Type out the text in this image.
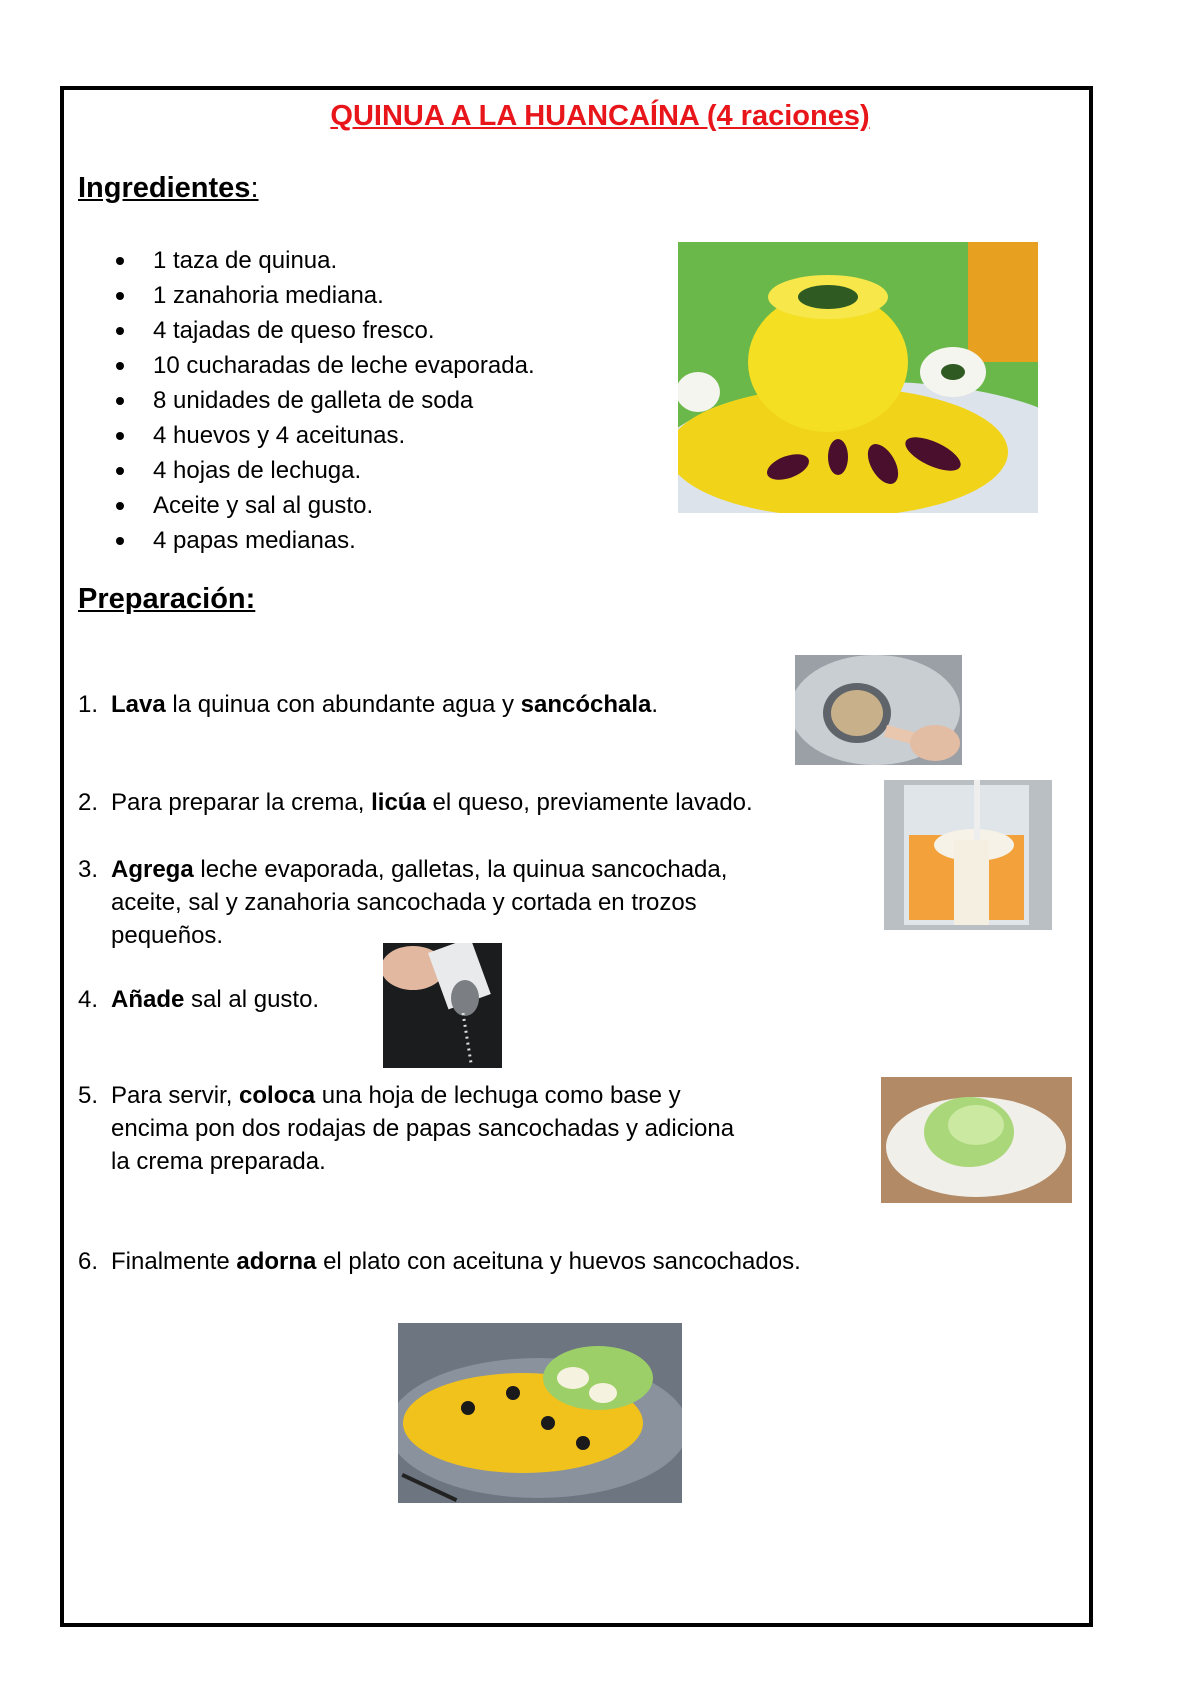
QUINUA A LA HUANCAÍNA (4 raciones)
Ingredientes:
1 taza de quinua.
1 zanahoria mediana.
4 tajadas de queso fresco.
10 cucharadas de leche evaporada.
8 unidades de galleta de soda
4 huevos y 4 aceitunas.
4 hojas de lechuga.
Aceite y sal al gusto.
4 papas medianas.
Preparación:
1. Lava la quinua con abundante agua y sancóchala.
2. Para preparar la crema, licúa el queso, previamente lavado.
3. Agrega leche evaporada, galletas, la quinua sancochada,
aceite, sal y zanahoria sancochada y cortada en trozos
pequeños.
4. Añade sal al gusto.
5. Para servir, coloca una hoja de lechuga como base y
encima pon dos rodajas de papas sancochadas y adiciona
la crema preparada.
6. Finalmente adorna el plato con aceituna y huevos sancochados.
